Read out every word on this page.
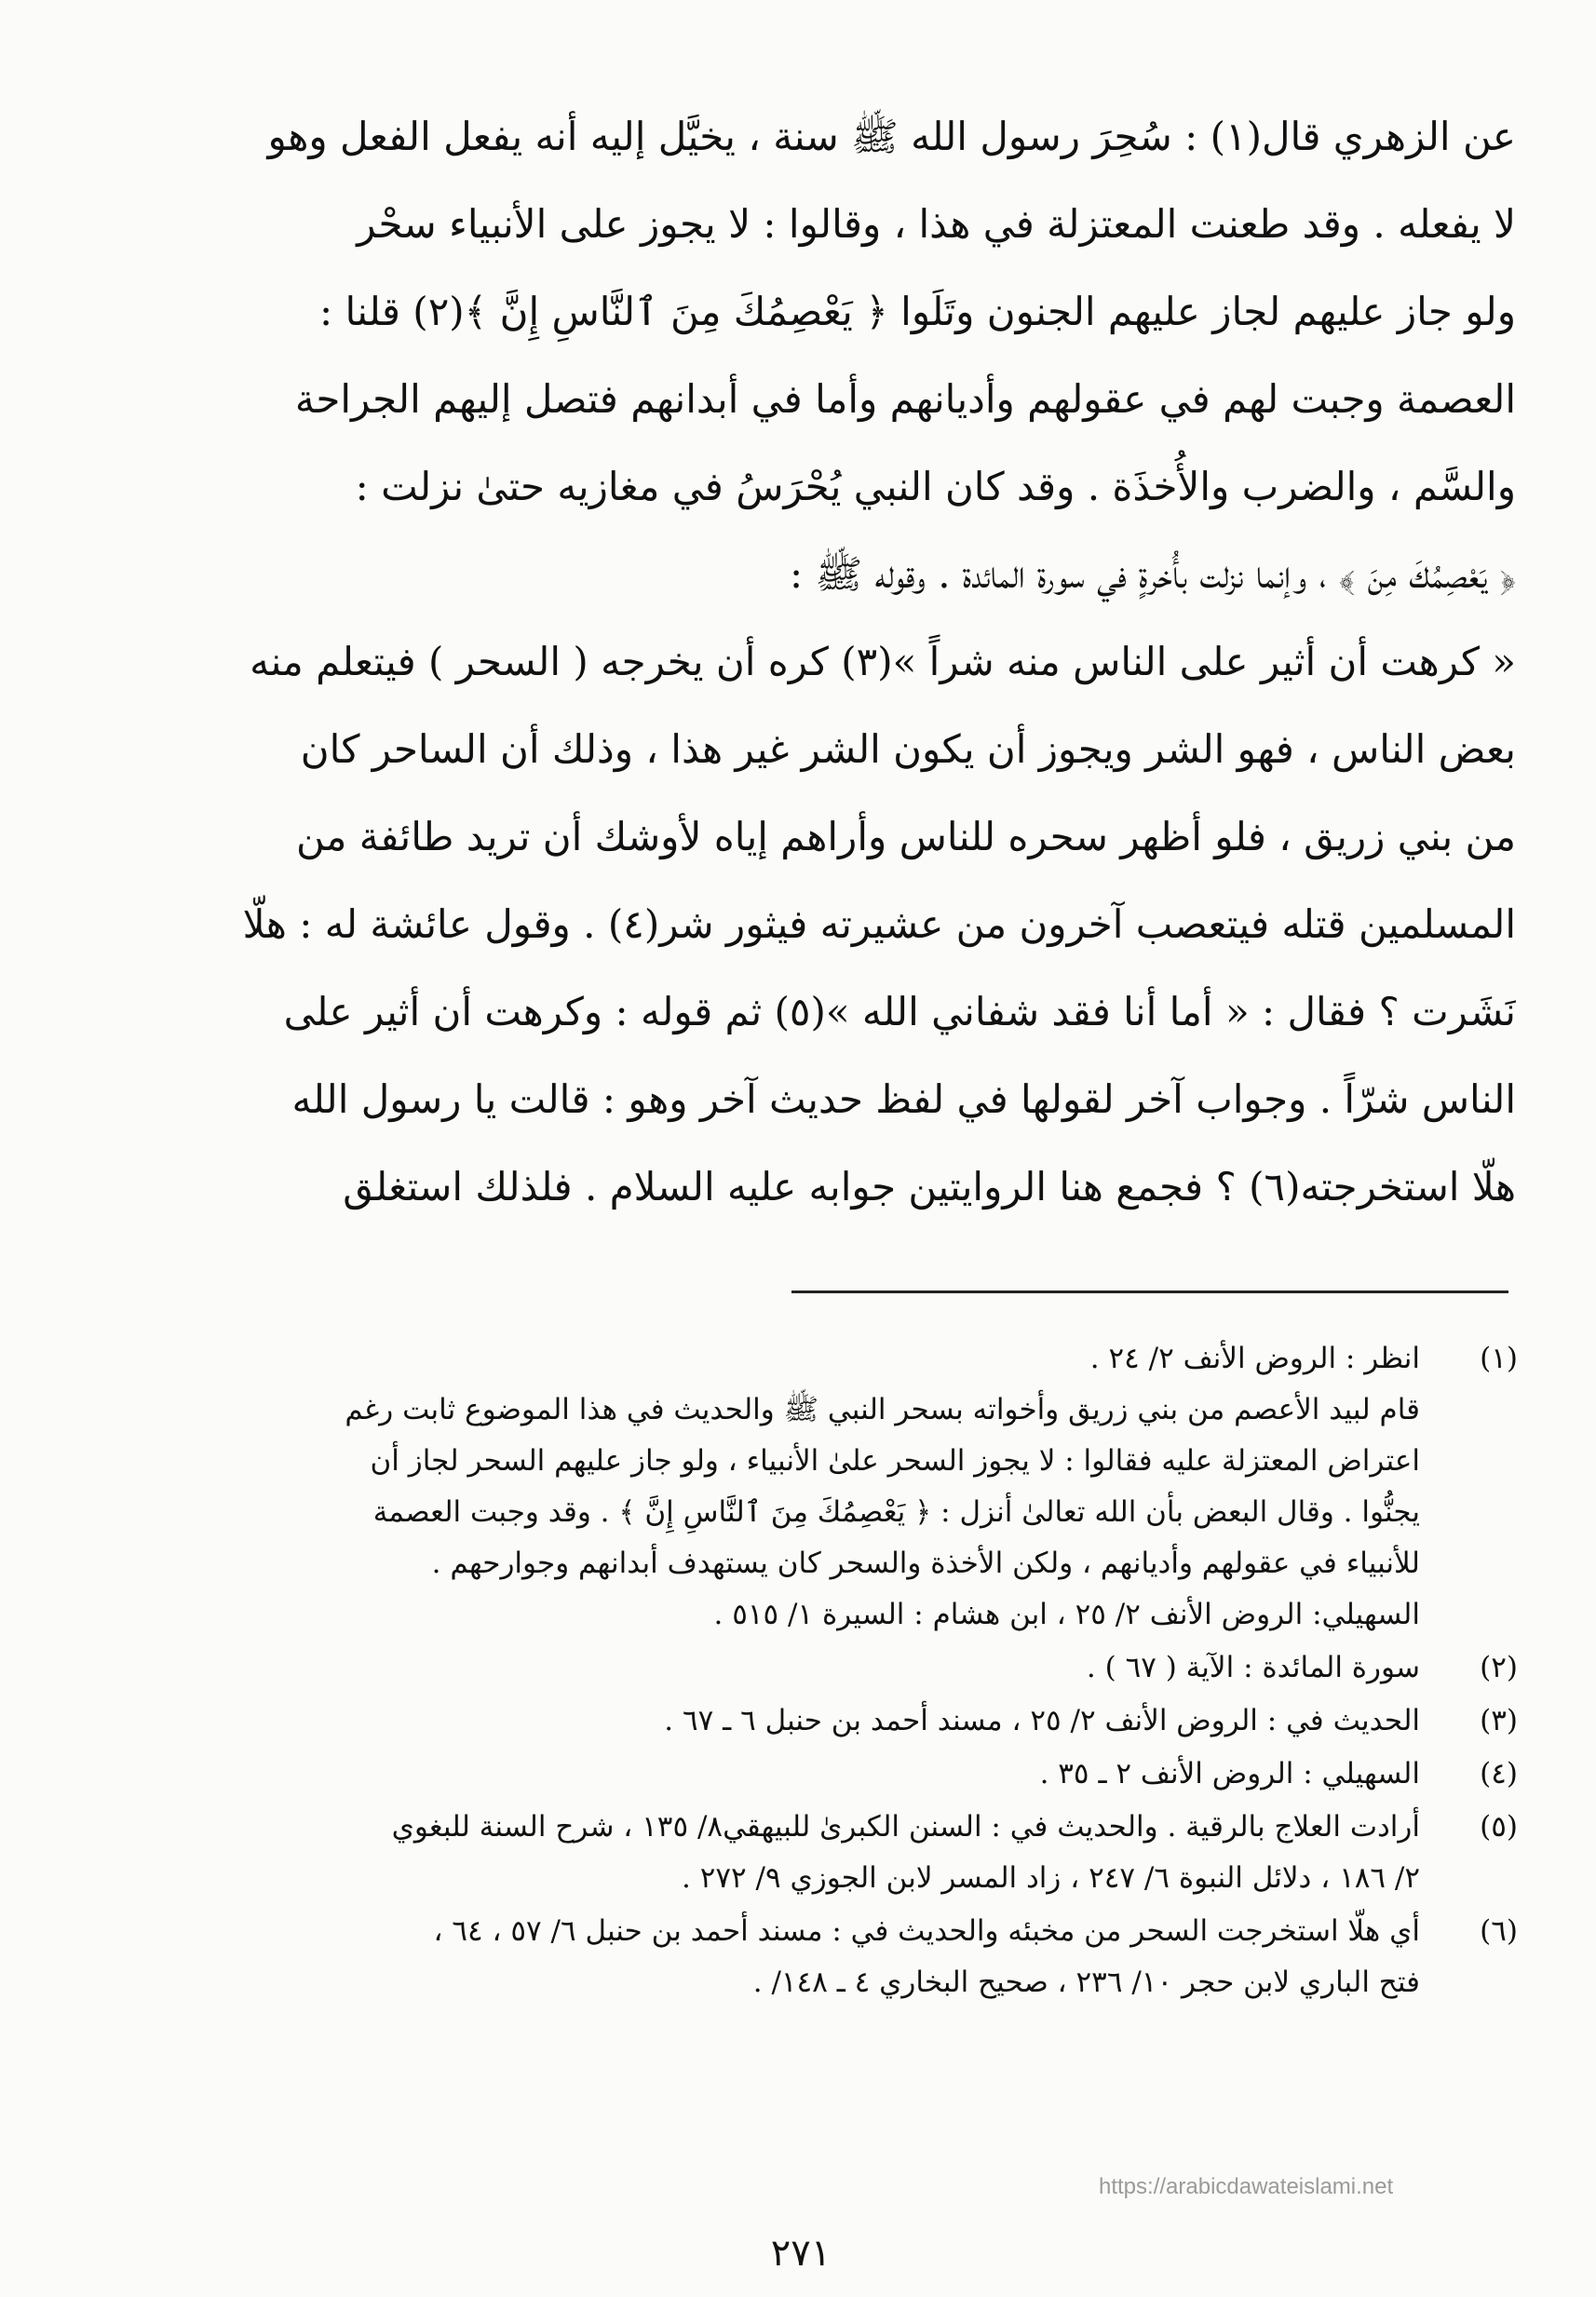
عن الزهري قال(١) : سُحِرَ رسول الله ﷺ سنة ، يخيَّل إليه أنه يفعل الفعل وهو
لا يفعله . وقد طعنت المعتزلة في هذا ، وقالوا : لا يجوز على الأنبياء سحْر
ولو جاز عليهم لجاز عليهم الجنون وتَلَوا ﴿ يَعْصِمُكَ مِنَ ٱلنَّاسِ إِنَّ ﴾(٢) قلنا :
العصمة وجبت لهم في عقولهم وأديانهم وأما في أبدانهم فتصل إليهم الجراحة
والسَّم ، والضرب والأُخذَة . وقد كان النبي يُحْرَسُ في مغازيه حتىٰ نزلت :
﴿ يَعْصِمُكَ مِنَ ﴾ ، وإنما نزلت بأُخرةٍ في سورة المائدة . وقوله ﷺ :
« كرهت أن أثير على الناس منه شراً »(٣) كره أن يخرجه ( السحر ) فيتعلم منه
بعض الناس ، فهو الشر ويجوز أن يكون الشر غير هذا ، وذلك أن الساحر كان
من بني زريق ، فلو أظهر سحره للناس وأراهم إياه لأوشك أن تريد طائفة من
المسلمين قتله فيتعصب آخرون من عشيرته فيثور شر(٤) . وقول عائشة له : هلّا
نَشَرت ؟ فقال : « أما أنا فقد شفاني الله »(٥) ثم قوله : وكرهت أن أثير على
الناس شرّاً . وجواب آخر لقولها في لفظ حديث آخر وهو : قالت يا رسول الله
هلّا استخرجته(٦) ؟ فجمع هنا الروايتين جوابه عليه السلام . فلذلك استغلق
(١)
انظر : الروض الأنف ٢/ ٢٤ .
قام لبيد الأعصم من بني زريق وأخواته بسحر النبي ﷺ والحديث في هذا الموضوع ثابت رغم
اعتراض المعتزلة عليه فقالوا : لا يجوز السحر علىٰ الأنبياء ، ولو جاز عليهم السحر لجاز أن
يجنُّوا . وقال البعض بأن الله تعالىٰ أنزل : ﴿ يَعْصِمُكَ مِنَ ٱلنَّاسِ إِنَّ ﴾ . وقد وجبت العصمة
للأنبياء في عقولهم وأديانهم ، ولكن الأخذة والسحر كان يستهدف أبدانهم وجوارحهم .
السهيلي: الروض الأنف ٢/ ٢٥ ، ابن هشام : السيرة ١/ ٥١٥ .
(٢)
سورة المائدة : الآية ( ٦٧ ) .
(٣)
الحديث في : الروض الأنف ٢/ ٢٥ ، مسند أحمد بن حنبل ٦ ـ ٦٧ .
(٤)
السهيلي : الروض الأنف ٢ ـ ٣٥ .
(٥)
أرادت العلاج بالرقية . والحديث في : السنن الكبرىٰ للبيهقي٨/ ١٣٥ ، شرح السنة للبغوي
٢/ ١٨٦ ، دلائل النبوة ٦/ ٢٤٧ ، زاد المسر لابن الجوزي ٩/ ٢٧٢ .
(٦)
أي هلّا استخرجت السحر من مخبئه والحديث في : مسند أحمد بن حنبل ٦/ ٥٧ ، ٦٤ ،
فتح الباري لابن حجر ١٠/ ٢٣٦ ، صحيح البخاري ٤ ـ ١٤٨/ .
https://arabicdawateislami.net
٢٧١
